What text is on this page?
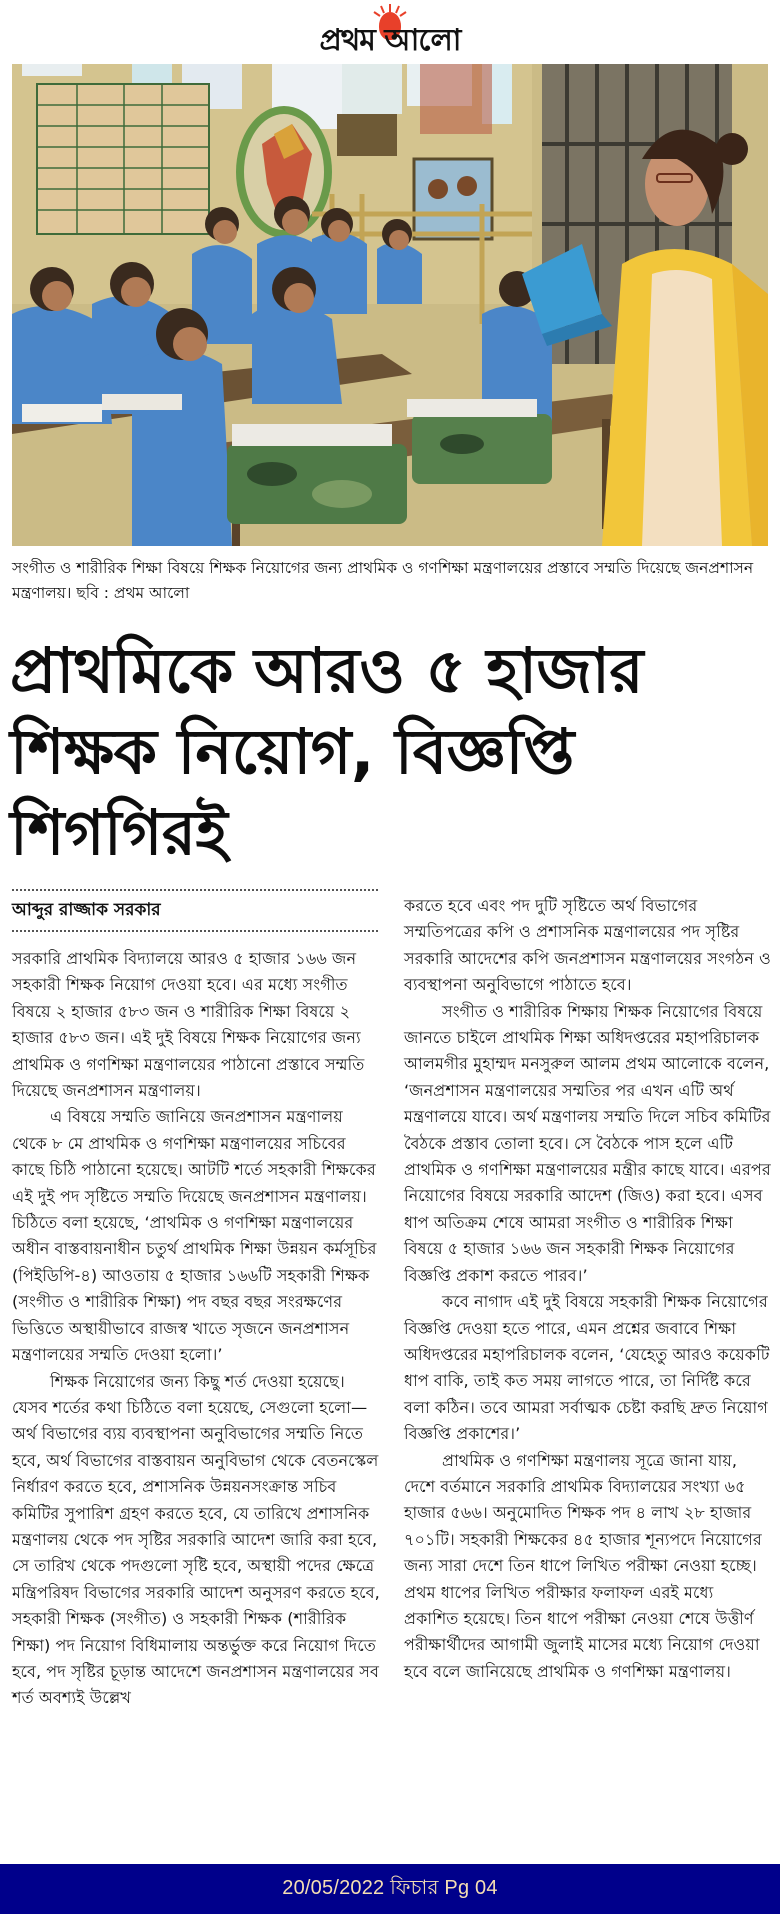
প্রথম আলো

সংগীত ও শারীরিক শিক্ষা বিষয়ে শিক্ষক নিয়োগের জন্য প্রাথমিক ও গণশিক্ষা মন্ত্রণালয়ের প্রস্তাবে সম্মতি দিয়েছে জনপ্রশাসন মন্ত্রণালয়। ছবি : প্রথম আলো

প্রাথমিকে আরও ৫ হাজার
শিক্ষক নিয়োগ, বিজ্ঞপ্তি
শিগগিরই
আব্দুর রাজ্জাক সরকার

সরকারি প্রাথমিক বিদ্যালয়ে আরও ৫ হাজার ১৬৬ জন সহকারী শিক্ষক নিয়োগ দেওয়া হবে। এর মধ্যে সংগীত বিষয়ে ২ হাজার ৫৮৩ জন ও শারীরিক শিক্ষা বিষয়ে ২ হাজার ৫৮৩ জন। এই দুই বিষয়ে শিক্ষক নিয়োগের জন্য প্রাথমিক ও গণশিক্ষা মন্ত্রণালয়ের পাঠানো প্রস্তাবে সম্মতি দিয়েছে জনপ্রশাসন মন্ত্রণালয়।

এ বিষয়ে সম্মতি জানিয়ে জনপ্রশাসন মন্ত্রণালয় থেকে ৮ মে প্রাথমিক ও গণশিক্ষা মন্ত্রণালয়ের সচিবের কাছে চিঠি পাঠানো হয়েছে। আটটি শর্তে সহকারী শিক্ষকের এই দুই পদ সৃষ্টিতে সম্মতি দিয়েছে জনপ্রশাসন মন্ত্রণালয়। চিঠিতে বলা হয়েছে, ‘প্রাথমিক ও গণশিক্ষা মন্ত্রণালয়ের অধীন বাস্তবায়নাধীন চতুর্থ প্রাথমিক শিক্ষা উন্নয়ন কর্মসূচির (পিইডিপি-৪) আওতায় ৫ হাজার ১৬৬টি সহকারী শিক্ষক (সংগীত ও শারীরিক শিক্ষা) পদ বছর বছর সংরক্ষণের ভিত্তিতে অস্থায়ীভাবে রাজস্ব খাতে সৃজনে জনপ্রশাসন মন্ত্রণালয়ের সম্মতি দেওয়া হলো।’

শিক্ষক নিয়োগের জন্য কিছু শর্ত দেওয়া হয়েছে। যেসব শর্তের কথা চিঠিতে বলা হয়েছে, সেগুলো হলো—অর্থ বিভাগের ব্যয় ব্যবস্থাপনা অনুবিভাগের সম্মতি নিতে হবে, অর্থ বিভাগের বাস্তবায়ন অনুবিভাগ থেকে বেতনস্কেল নির্ধারণ করতে হবে, প্রশাসনিক উন্নয়নসংক্রান্ত সচিব কমিটির সুপারিশ গ্রহণ করতে হবে, যে তারিখে প্রশাসনিক মন্ত্রণালয় থেকে পদ সৃষ্টির সরকারি আদেশ জারি করা হবে, সে তারিখ থেকে পদগুলো সৃষ্টি হবে, অস্থায়ী পদের ক্ষেত্রে মন্ত্রিপরিষদ বিভাগের সরকারি আদেশ অনুসরণ করতে হবে, সহকারী শিক্ষক (সংগীত) ও সহকারী শিক্ষক (শারীরিক শিক্ষা) পদ নিয়োগ বিধিমালায় অন্তর্ভুক্ত করে নিয়োগ দিতে হবে, পদ সৃষ্টির চূড়ান্ত আদেশে জনপ্রশাসন মন্ত্রণালয়ের সব শর্ত অবশ্যই উল্লেখ

করতে হবে এবং পদ দুটি সৃষ্টিতে অর্থ বিভাগের সম্মতিপত্রের কপি ও প্রশাসনিক মন্ত্রণালয়ের পদ সৃষ্টির সরকারি আদেশের কপি জনপ্রশাসন মন্ত্রণালয়ের সংগঠন ও ব্যবস্থাপনা অনুবিভাগে পাঠাতে হবে।

সংগীত ও শারীরিক শিক্ষায় শিক্ষক নিয়োগের বিষয়ে জানতে চাইলে প্রাথমিক শিক্ষা অধিদপ্তরের মহাপরিচালক আলমগীর মুহাম্মদ মনসুরুল আলম প্রথম আলোকে বলেন, ‘জনপ্রশাসন মন্ত্রণালয়ের সম্মতির পর এখন এটি অর্থ মন্ত্রণালয়ে যাবে। অর্থ মন্ত্রণালয় সম্মতি দিলে সচিব কমিটির বৈঠকে প্রস্তাব তোলা হবে। সে বৈঠকে পাস হলে এটি প্রাথমিক ও গণশিক্ষা মন্ত্রণালয়ের মন্ত্রীর কাছে যাবে। এরপর নিয়োগের বিষয়ে সরকারি আদেশ (জিও) করা হবে। এসব ধাপ অতিক্রম শেষে আমরা সংগীত ও শারীরিক শিক্ষা বিষয়ে ৫ হাজার ১৬৬ জন সহকারী শিক্ষক নিয়োগের বিজ্ঞপ্তি প্রকাশ করতে পারব।’

কবে নাগাদ এই দুই বিষয়ে সহকারী শিক্ষক নিয়োগের বিজ্ঞপ্তি দেওয়া হতে পারে, এমন প্রশ্নের জবাবে শিক্ষা অধিদপ্তরের মহাপরিচালক বলেন, ‘যেহেতু আরও কয়েকটি ধাপ বাকি, তাই কত সময় লাগতে পারে, তা নির্দিষ্ট করে বলা কঠিন। তবে আমরা সর্বাত্মক চেষ্টা করছি দ্রুত নিয়োগ বিজ্ঞপ্তি প্রকাশের।’

প্রাথমিক ও গণশিক্ষা মন্ত্রণালয় সূত্রে জানা যায়, দেশে বর্তমানে সরকারি প্রাথমিক বিদ্যালয়ের সংখ্যা ৬৫ হাজার ৫৬৬। অনুমোদিত শিক্ষক পদ ৪ লাখ ২৮ হাজার ৭০১টি। সহকারী শিক্ষকের ৪৫ হাজার শূন্যপদে নিয়োগের জন্য সারা দেশে তিন ধাপে লিখিত পরীক্ষা নেওয়া হচ্ছে। প্রথম ধাপের লিখিত পরীক্ষার ফলাফল এরই মধ্যে প্রকাশিত হয়েছে। তিন ধাপে পরীক্ষা নেওয়া শেষে উত্তীর্ণ পরীক্ষার্থীদের আগামী জুলাই মাসের মধ্যে নিয়োগ দেওয়া হবে বলে জানিয়েছে প্রাথমিক ও গণশিক্ষা মন্ত্রণালয়।

20/05/2022 ফিচার Pg 04
